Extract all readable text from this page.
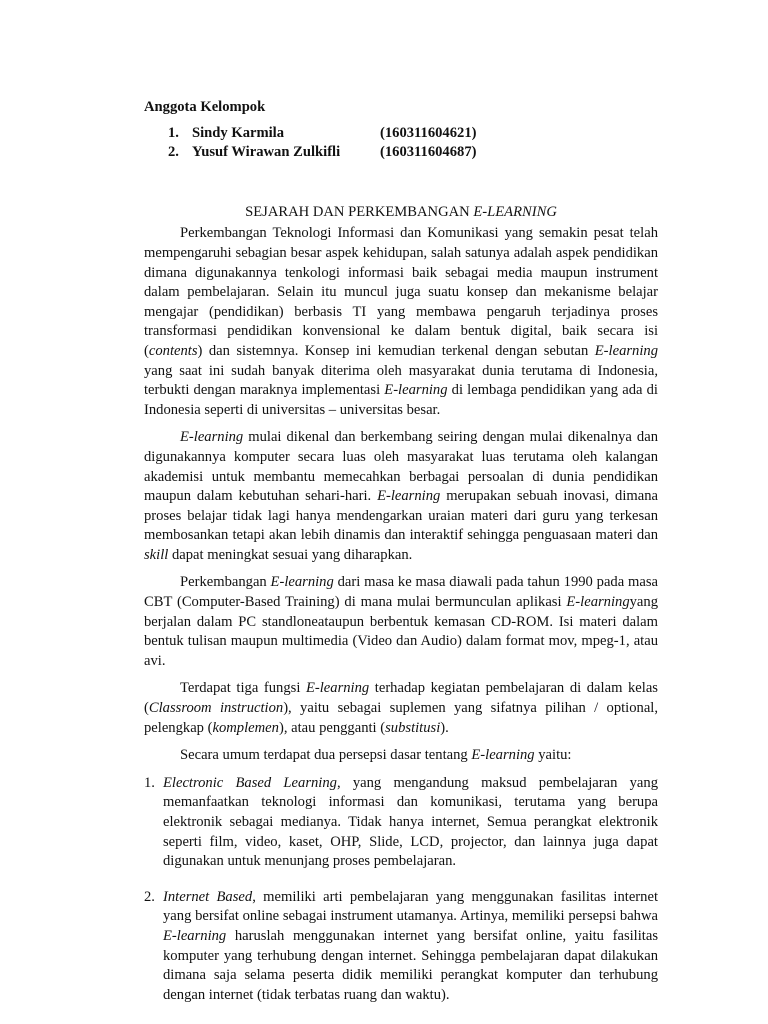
Anggota Kelompok
1. Sindy Karmila	(160311604621)
2. Yusuf Wirawan Zulkifli	(160311604687)
SEJARAH DAN PERKEMBANGAN E-LEARNING

Perkembangan Teknologi Informasi dan Komunikasi yang semakin pesat telah mempengaruhi sebagian besar aspek kehidupan, salah satunya adalah aspek pendidikan dimana digunakannya tenkologi informasi baik sebagai media maupun instrument dalam pembelajaran. Selain itu muncul juga suatu konsep dan mekanisme belajar mengajar (pendidikan) berbasis TI yang membawa pengaruh terjadinya proses transformasi pendidikan konvensional ke dalam bentuk digital, baik secara isi (contents) dan sistemnya. Konsep ini kemudian terkenal dengan sebutan E-learning yang saat ini sudah banyak diterima oleh masyarakat dunia terutama di Indonesia, terbukti dengan maraknya implementasi E-learning di lembaga pendidikan yang ada di Indonesia seperti di universitas – universitas besar.

E-learning mulai dikenal dan berkembang seiring dengan mulai dikenalnya dan digunakannya komputer secara luas oleh masyarakat luas terutama oleh kalangan akademisi untuk membantu memecahkan berbagai persoalan di dunia pendidikan maupun dalam kebutuhan sehari-hari. E-learning merupakan sebuah inovasi, dimana proses belajar tidak lagi hanya mendengarkan uraian materi dari guru yang terkesan membosankan tetapi akan lebih dinamis dan interaktif sehingga penguasaan materi dan skill dapat meningkat sesuai yang diharapkan.

Perkembangan E-learning dari masa ke masa diawali pada tahun 1990 pada masa CBT (Computer-Based Training) di mana mulai bermunculan aplikasi E-learningyang berjalan dalam PC standloneataupun berbentuk kemasan CD-ROM. Isi materi dalam bentuk tulisan maupun multimedia (Video dan Audio) dalam format mov, mpeg-1, atau avi.

Terdapat tiga fungsi E-learning terhadap kegiatan pembelajaran di dalam kelas (Classroom instruction), yaitu sebagai suplemen yang sifatnya pilihan / optional, pelengkap (komplemen), atau pengganti (substitusi).

Secara umum terdapat dua persepsi dasar tentang E-learning yaitu:

1. Electronic Based Learning, yang mengandung maksud pembelajaran yang memanfaatkan teknologi informasi dan komunikasi, terutama yang berupa elektronik sebagai medianya. Tidak hanya internet, Semua perangkat elektronik seperti film, video, kaset, OHP, Slide, LCD, projector, dan lainnya juga dapat digunakan untuk menunjang proses pembelajaran.
2. Internet Based, memiliki arti pembelajaran yang menggunakan fasilitas internet yang bersifat online sebagai instrument utamanya. Artinya, memiliki persepsi bahwa E-learning haruslah menggunakan internet yang bersifat online, yaitu fasilitas komputer yang terhubung dengan internet. Sehingga pembelajaran dapat dilakukan dimana saja selama peserta didik memiliki perangkat komputer dan terhubung dengan internet (tidak terbatas ruang dan waktu).
